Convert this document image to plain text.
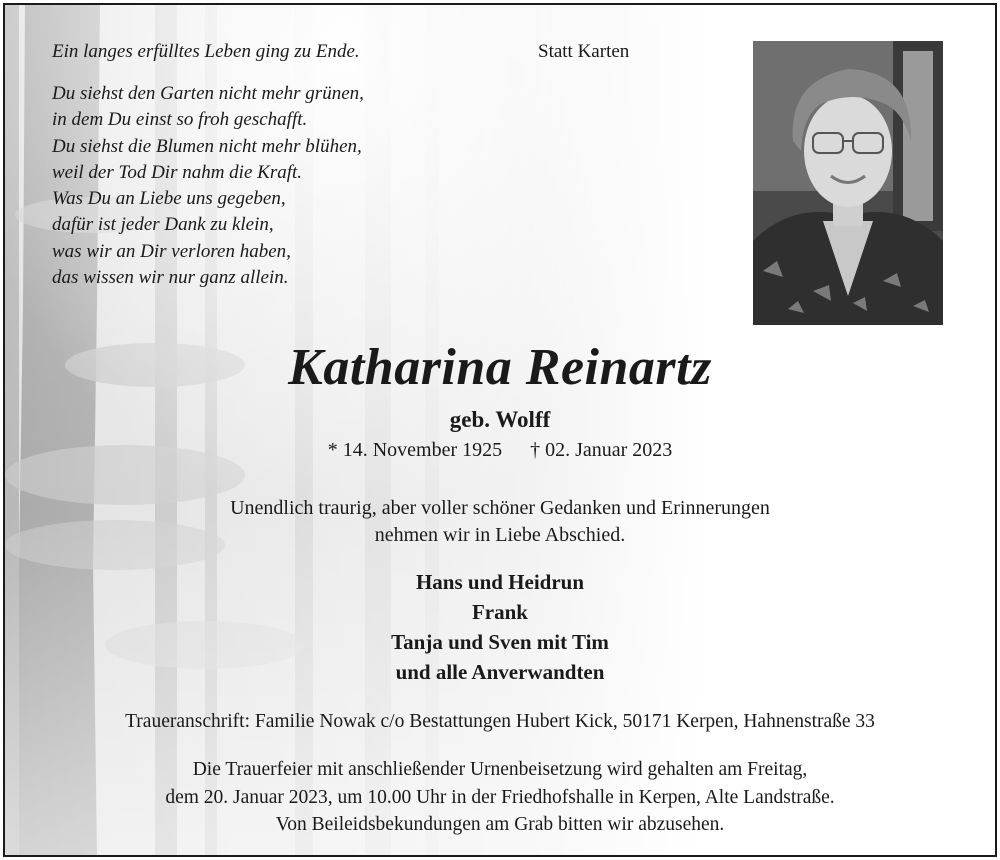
Ein langes erfülltes Leben ging zu Ende.	Statt Karten
Du siehst den Garten nicht mehr grünen,
in dem Du einst so froh geschafft.
Du siehst die Blumen nicht mehr blühen,
weil der Tod Dir nahm die Kraft.
Was Du an Liebe uns gegeben,
dafür ist jeder Dank zu klein,
was wir an Dir verloren haben,
das wissen wir nur ganz allein.
Katharina Reinartz
geb. Wolff
* 14. November 1925 † 02. Januar 2023
Unendlich traurig, aber voller schöner Gedanken und Erinnerungen
nehmen wir in Liebe Abschied.
Hans und Heidrun
Frank
Tanja und Sven mit Tim
und alle Anverwandten
Traueranschrift: Familie Nowak c/o Bestattungen Hubert Kick, 50171 Kerpen, Hahnenstraße 33
Die Trauerfeier mit anschließender Urnenbeisetzung wird gehalten am Freitag,
dem 20. Januar 2023, um 10.00 Uhr in der Friedhofshalle in Kerpen, Alte Landstraße.
Von Beileidsbekundungen am Grab bitten wir abzusehen.
